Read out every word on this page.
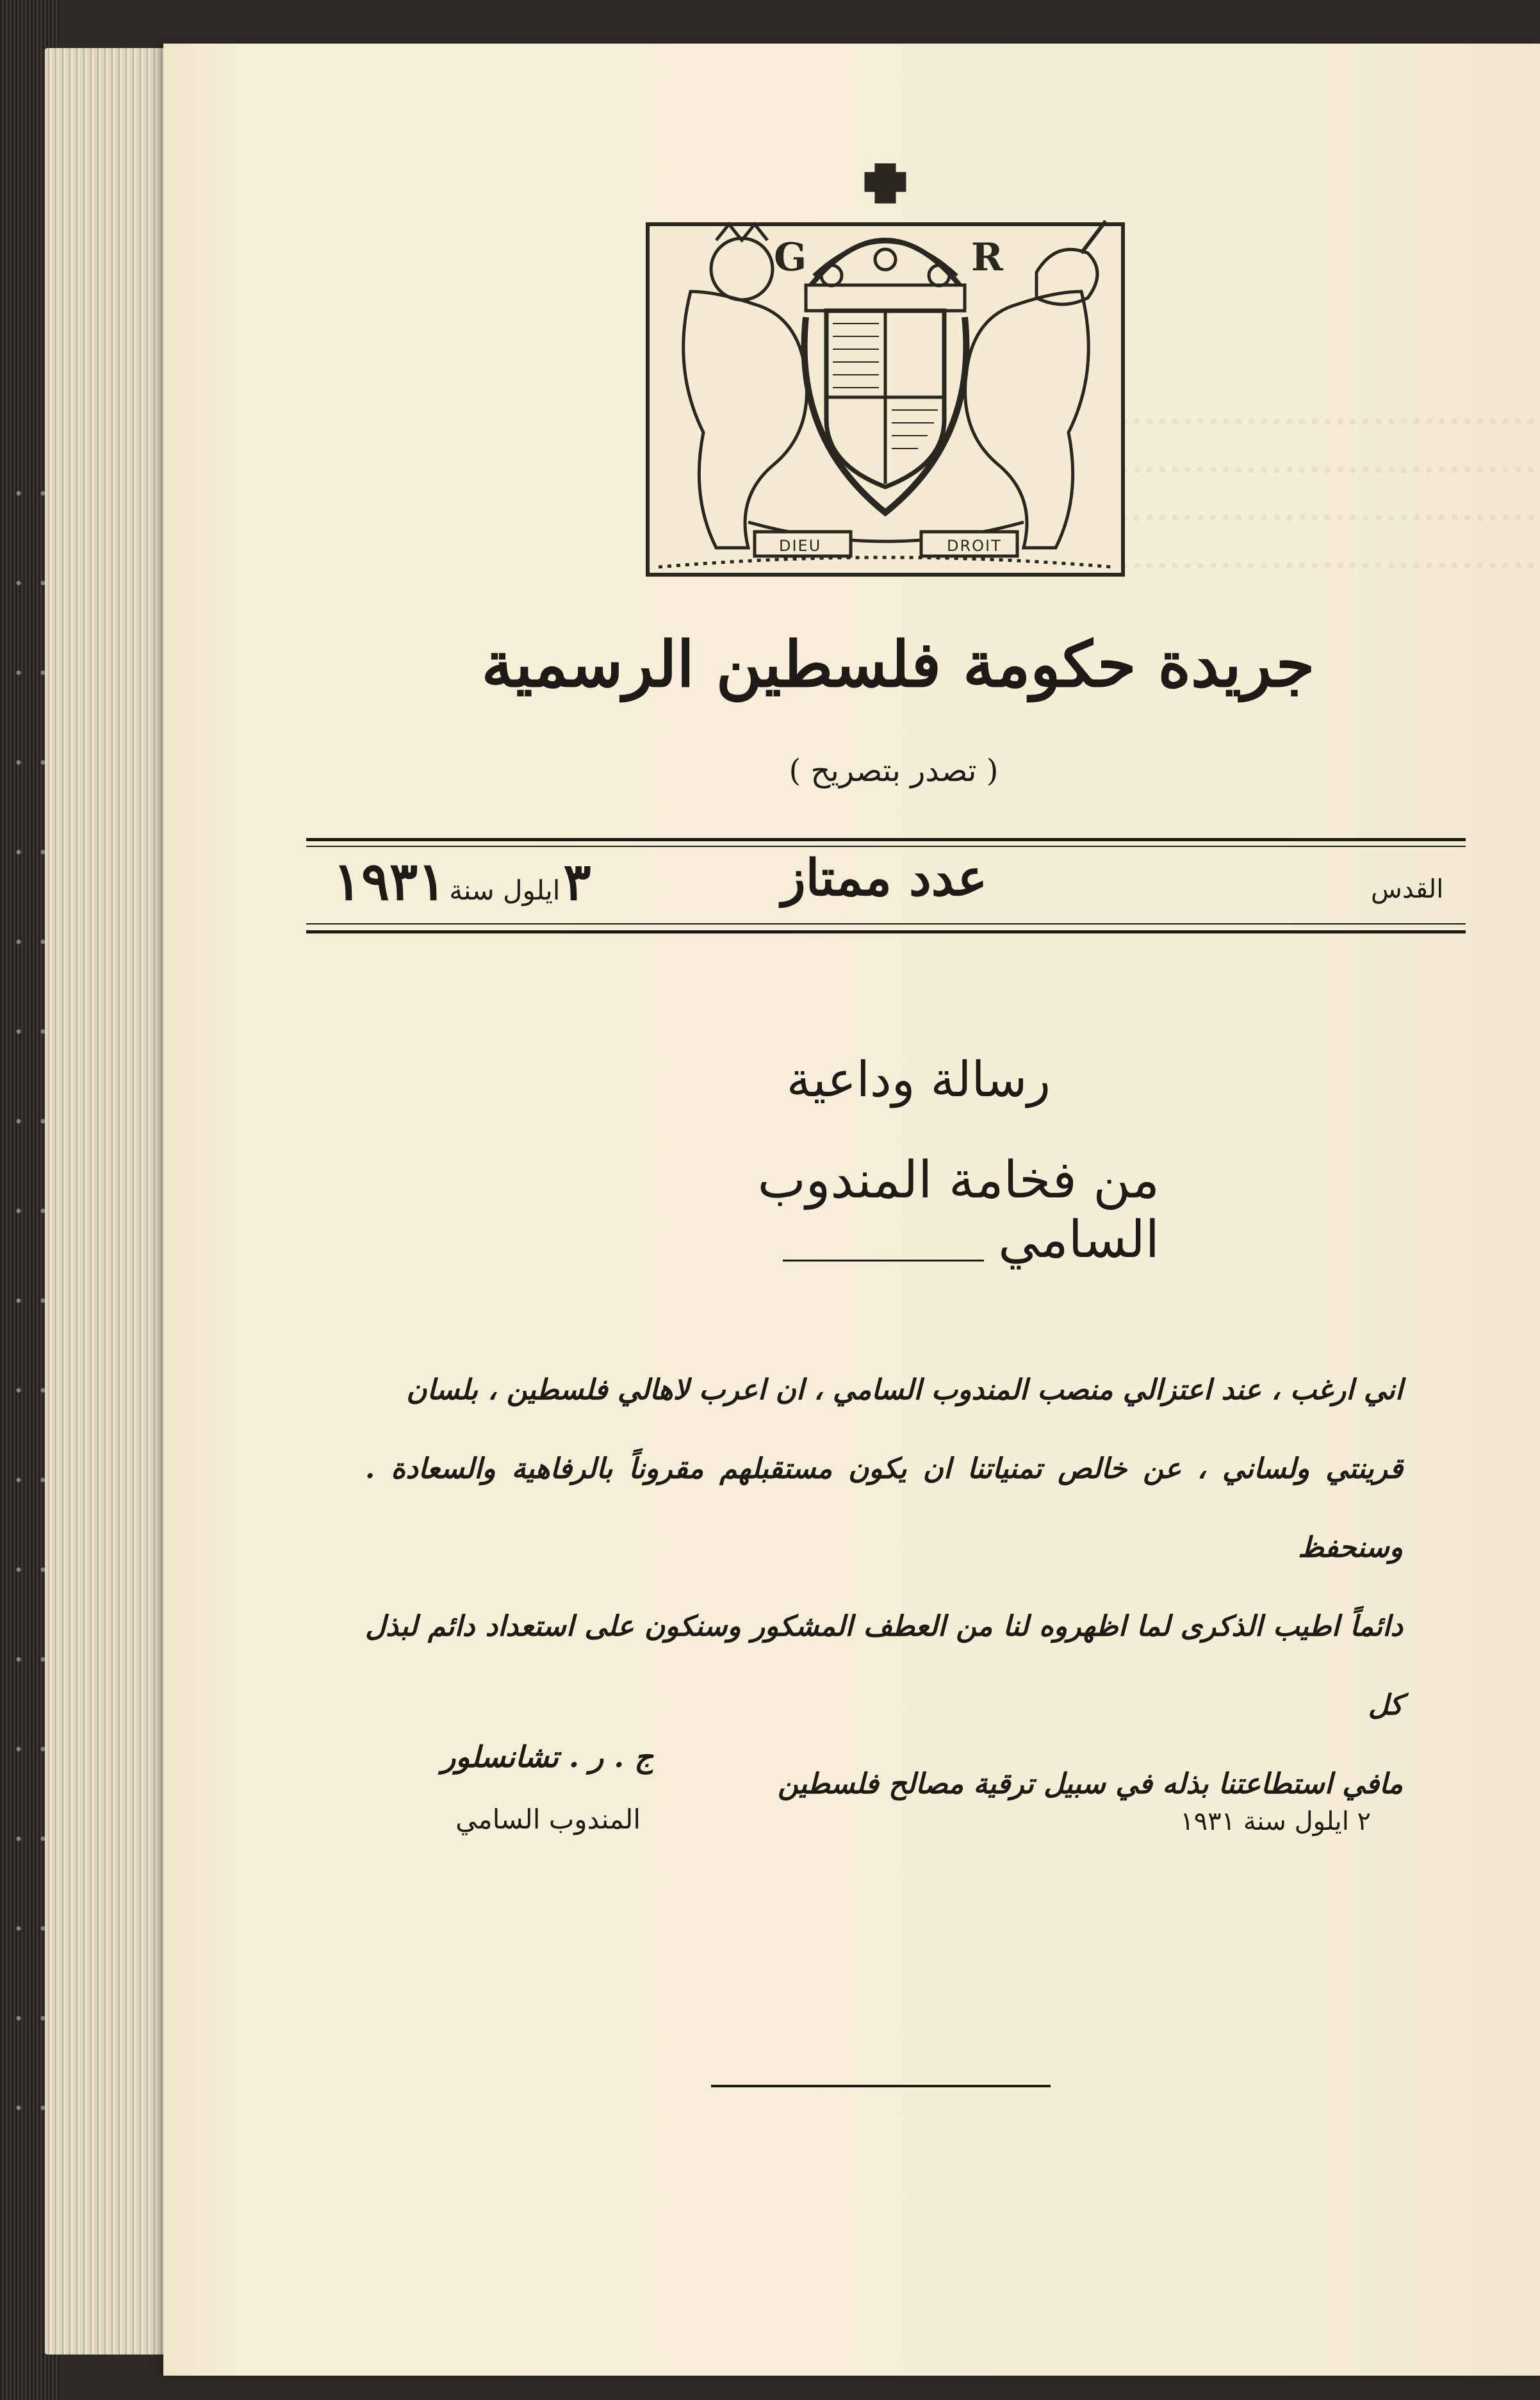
G	R
DIEU	DROIT
جريدة حكومة فلسطين الرسمية
( تصدر بتصريح )
القدس
عدد ممتاز
٣ ايلول سنة ١٩٣١
رسالة وداعية
من فخامة المندوب السامي
اني ارغب ، عند اعتزالي منصب المندوب السامي ، ان اعرب لاهالي فلسطين ، بلسان
قرينتي ولساني ، عن خالص تمنياتنا ان يكون مستقبلهم مقروناً بالرفاهية والسعادة . وسنحفظ
دائماً اطيب الذكرى لما اظهروه لنا من العطف المشكور وسنكون على استعداد دائم لبذل كل
مافي استطاعتنا بذله في سبيل ترقية مصالح فلسطين
ج . ر . تشانسلور
المندوب السامي	٢ ايلول سنة ١٩٣١
